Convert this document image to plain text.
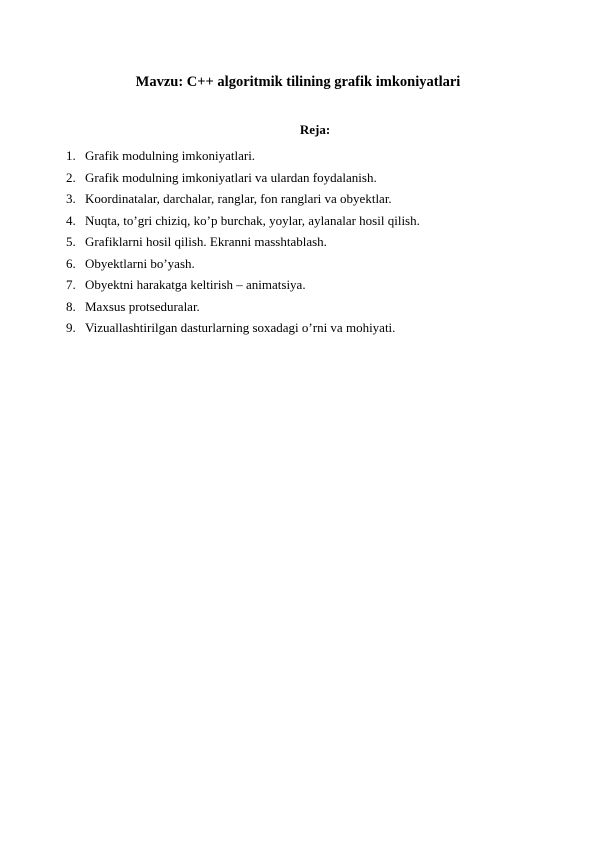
Mavzu: C++ algoritmik tilining grafik imkoniyatlari
Reja:
1. Grafik modulning imkoniyatlari.
2. Grafik modulning imkoniyatlari va ulardan foydalanish.
3. Koordinatalar, darchalar, ranglar, fon ranglari va obyektlar.
4. Nuqta, to’gri chiziq, ko’p burchak, yoylar, aylanalar hosil qilish.
5. Grafiklarni hosil qilish. Ekranni masshtablash.
6. Obyektlarni bo’yash.
7. Obyektni harakatga keltirish – animatsiya.
8. Maxsus protseduralar.
9. Vizuallashtirilgan dasturlarning soxadagi o’rni va mohiyati.
